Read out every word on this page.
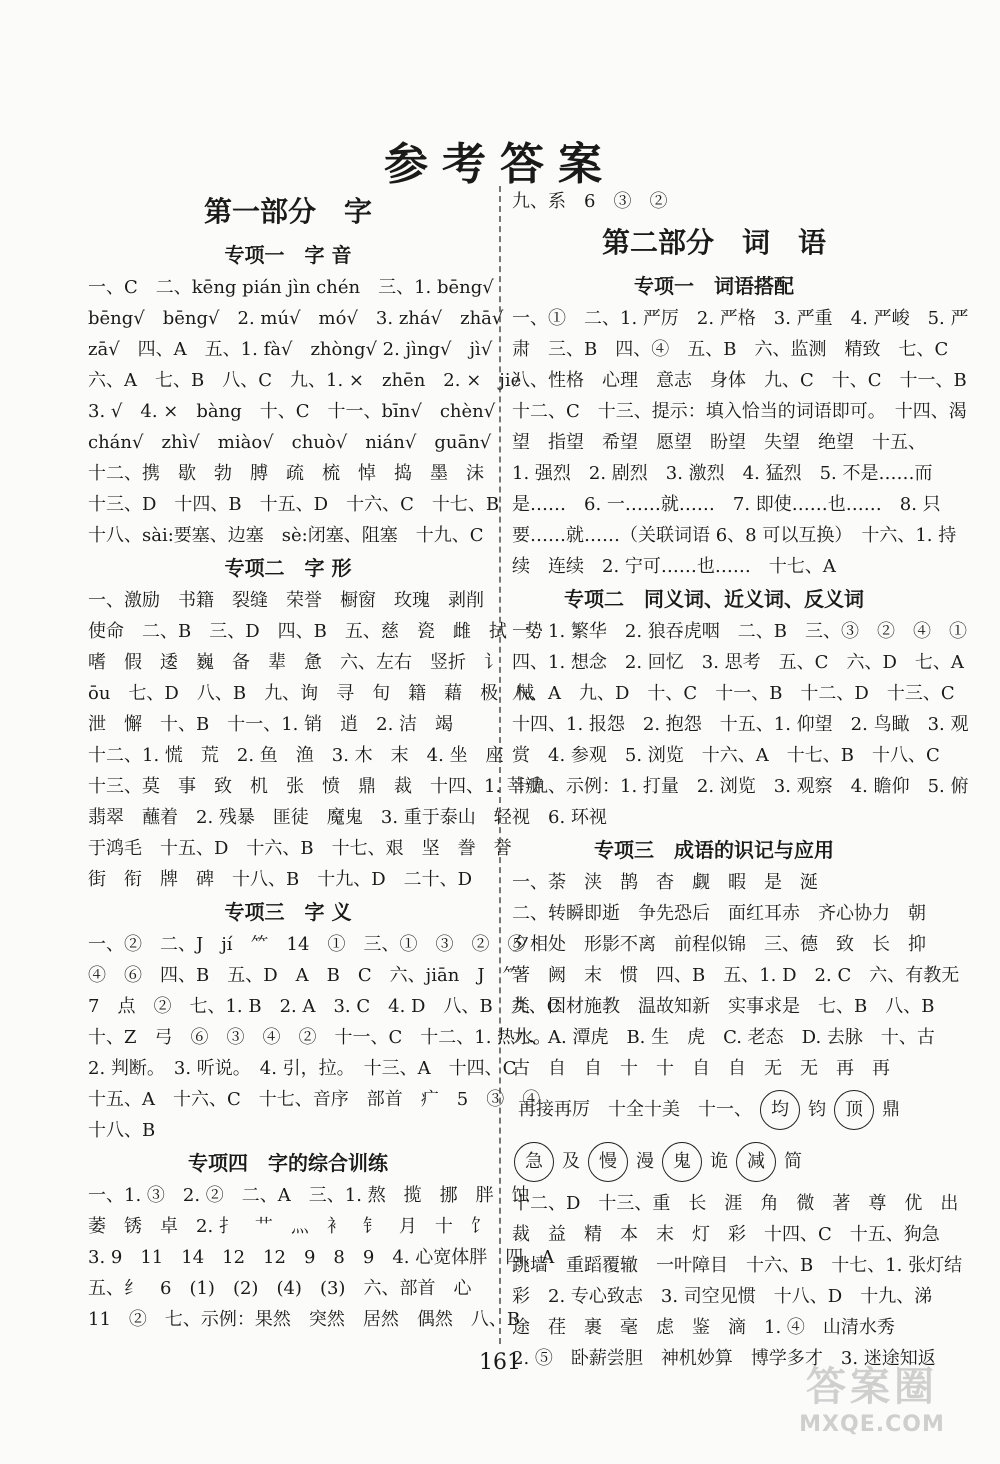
参考答案
第一部分　字
专项一　字 音
一、C　二、kēng pián jìn chén　三、1. bēng√
bēng√　bēng√　2. mú√　mó√　3. zhá√　zhā√
zā√　四、A　五、1. fà√　zhòng√ 2. jìng√　jì√
六、A　七、B　八、C　九、1. ×　zhēn　2. ×　jiè
3. √　4. ×　bàng　十、C　十一、bīn√　chèn√
chán√　zhì√　miào√　chuò√　nián√　guān√
十二、携　歇　勃　膊　疏　梳　悼　捣　墨　沫
十三、D　十四、B　十五、D　十六、C　十七、B
十八、sài:要塞、边塞　sè:闭塞、阻塞　十九、C
专项二　字 形
一、激励　书籍　裂缝　荣誉　橱窗　玫瑰　剥削
使命　二、B　三、D　四、B　五、慈　瓷　雌　拭　势
嗜　假　逶　巍　备　辈　惫　六、左右　竖折　讠
ōu　七、D　八、B　九、询　寻　旬　籍　藉　极　械
泄　懈　十、B　十一、1. 销　逍　2. 洁　竭
十二、1. 慌　荒　2. 鱼　渔　3. 木　末　4. 坐　座
十三、莫　事　致　机　张　愤　鼎　裁　十四、1. 莘瓣
翡翠　蘸着　2. 残暴　匪徒　魔鬼　3. 重于泰山　轻
于鸿毛　十五、D　十六、B　十七、艰　坚　誊　誉
街　衔　牌　碑　十八、B　十九、D　二十、D
专项三　字 义
一、②　二、J　jí　⺮　14　①　三、①　③　②　⑤
④　⑥　四、B　五、D　A　B　C　六、jiān　J　⺮
7　点　②　七、1. B　2. A　3. C　4. D　八、B　九、C
十、Z　弓　⑥　③　④　②　十一、C　十二、1. 热水。
2. 判断。　3. 听说。　4. 引，拉。　十三、A　十四、C
十五、A　十六、C　十七、音序　部首　疒　5　③　④
十八、B
专项四　字的综合训练
一、1. ③　2. ②　二、A　三、1. 熬　揽　挪　胖　蚀
萎　锈　卓　2. 扌　艹　灬　衤　钅　月　十　饣
3. 9　11　14　12　12　9　8　9　4. 心宽体胖　四、A
五、纟　6　(1)　(2)　(4)　(3)　六、部首　心
11　②　七、示例：果然　突然　居然　偶然　八、B
九、系　6　③　②
第二部分　词　语
专项一　词语搭配
一、①　二、1. 严厉　2. 严格　3. 严重　4. 严峻　5. 严
肃　三、B　四、④　五、B　六、监测　精致　七、C
八、性格　心理　意志　身体　九、C　十、C　十一、B
十二、C　十三、提示：填入恰当的词语即可。　十四、渴
望　指望　希望　愿望　盼望　失望　绝望　十五、
1. 强烈　2. 剧烈　3. 激烈　4. 猛烈　5. 不是……而
是……　6. 一……就……　7. 即使……也……　8. 只
要……就……（关联词语 6、8 可以互换）　十六、1. 持
续　连续　2. 宁可……也……　十七、A
专项二　同义词、近义词、反义词
一、1. 繁华　2. 狼吞虎咽　二、B　三、③　②　④　①
四、1. 想念　2. 回忆　3. 思考　五、C　六、D　七、A
八、A　九、D　十、C　十一、B　十二、D　十三、C
十四、1. 报怨　2. 抱怨　十五、1. 仰望　2. 鸟瞰　3. 观
赏　4. 参观　5. 浏览　十六、A　十七、B　十八、C
十九、示例：1. 打量　2. 浏览　3. 观察　4. 瞻仰　5. 俯
视　6. 环视
专项三　成语的识记与应用
一、荼　浃　鹊　杳　觑　暇　是　涎
二、转瞬即逝　争先恐后　面红耳赤　齐心协力　朝
夕相处　形影不离　前程似锦　三、德　致　长　抑
著　阙　末　惯　四、B　五、1. D　2. C　六、有教无
类　因材施教　温故知新　实事求是　七、B　八、B
九、A. 潭虎　B. 生　虎　C. 老态　D. 去脉　十、古
古　自　自　十　十　自　自　无　无　再　再
再接再厉　十全十美　十一、 均 钧 顶 鼎
急 及 慢 漫 鬼 诡 减 简
十二、D　十三、重　长　涯　角　微　著　尊　优　出
裁　益　精　本　末　灯　彩　十四、C　十五、狗急
跳墙　重蹈覆辙　一叶障目　十六、B　十七、1. 张灯结
彩　2. 专心致志　3. 司空见惯　十八、D　十九、涕
途　荏　裹　毫　虑　鉴　滴　1. ④　山清水秀
2. ⑤　卧薪尝胆　神机妙算　博学多才　3. 迷途知返
161
答案圈
MXQE.COM
